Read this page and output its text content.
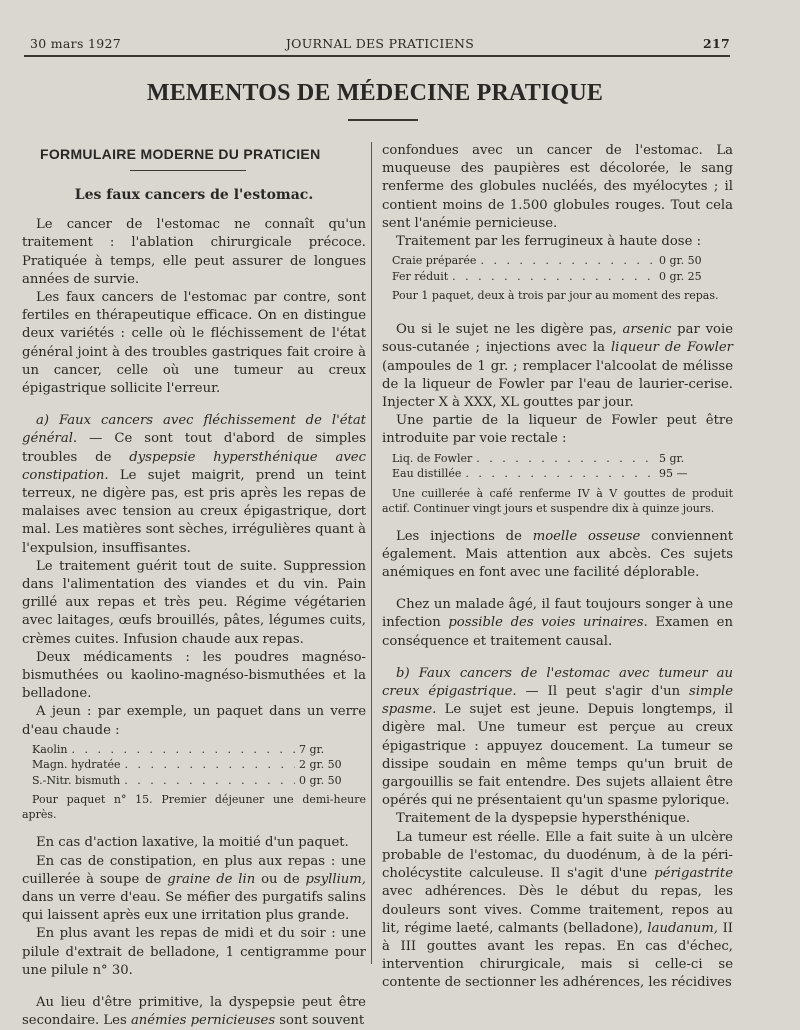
30 mars 1927	JOURNAL DES PRATICIENS	217
MEMENTOS DE MÉDECINE PRATIQUE
FORMULAIRE MODERNE DU PRATICIEN

Les faux cancers de l'estomac.

Le cancer de l'estomac ne connaît qu'un traitement : l'ablation chirurgicale précoce. Pratiquée à temps, elle peut assurer de longues années de survie.

Les faux cancers de l'estomac par contre, sont fertiles en thérapeutique efficace. On en distingue deux variétés : celle où le fléchissement de l'état général joint à des troubles gastriques fait croire à un cancer, celle où une tumeur au creux épigastrique sollicite l'erreur.

a) Faux cancers avec fléchissement de l'état général. — Ce sont tout d'abord de simples troubles de dyspepsie hypersthénique avec constipation. Le sujet maigrit, prend un teint terreux, ne digère pas, est pris après les repas de malaises avec tension au creux épigastrique, dort mal. Les matières sont sèches, irrégulières quant à l'expulsion, insuffisantes.

Le traitement guérit tout de suite. Suppression dans l'alimentation des viandes et du vin. Pain grillé aux repas et très peu. Régime végétarien avec laitages, œufs brouillés, pâtes, légumes cuits, crèmes cuites. Infusion chaude aux repas.

Deux médicaments : les poudres magnéso-bismuthées ou kaolino-magnéso-bismuthées et la belladone.

A jeun : par exemple, un paquet dans un verre d'eau chaude :

Kaolin . . .	7 gr.
Magn. hydratée . . .	2 gr. 50
S.-Nitr. bismuth . . .	0 gr. 50

Pour paquet n° 15. Premier déjeuner une demi-heure après.

En cas d'action laxative, la moitié d'un paquet.

En cas de constipation, en plus aux repas : une cuillerée à soupe de graine de lin ou de psyllium, dans un verre d'eau. Se méfier des purgatifs salins qui laissent après eux une irritation plus grande.

En plus avant les repas de midi et du soir : une pilule d'extrait de belladone, 1 centigramme pour une pilule n° 30.

Au lieu d'être primitive, la dyspepsie peut être secondaire. Les anémies pernicieuses sont souvent

confondues avec un cancer de l'estomac. La muqueuse des paupières est décolorée, le sang renferme des globules nucléés, des myélocytes ; il contient moins de 1.500 globules rouges. Tout cela sent l'anémie pernicieuse.

Traitement par les ferrugineux à haute dose :

Craie préparée . . .	0 gr. 50
Fer réduit . . .	0 gr. 25

Pour 1 paquet, deux à trois par jour au moment des repas.

Ou si le sujet ne les digère pas, arsenic par voie sous-cutanée ; injections avec la liqueur de Fowler (ampoules de 1 gr. ; remplacer l'alcoolat de mélisse de la liqueur de Fowler par l'eau de laurier-cerise. Injecter X à XXX, XL gouttes par jour.

Une partie de la liqueur de Fowler peut être introduite par voie rectale :

Liq. de Fowler . . .	5 gr.
Eau distillée . . .	95 —

Une cuillerée à café renferme IV à V gouttes de produit actif. Continuer vingt jours et suspendre dix à quinze jours.

Les injections de moelle osseuse conviennent également. Mais attention aux abcès. Ces sujets anémiques en font avec une facilité déplorable.

Chez un malade âgé, il faut toujours songer à une infection possible des voies urinaires. Examen en conséquence et traitement causal.

b) Faux cancers de l'estomac avec tumeur au creux épigastrique. — Il peut s'agir d'un simple spasme. Le sujet est jeune. Depuis longtemps, il digère mal. Une tumeur est perçue au creux épigastrique : appuyez doucement. La tumeur se dissipe soudain en même temps qu'un bruit de gargouillis se fait entendre. Des sujets allaient être opérés qui ne présentaient qu'un spasme pylorique.

Traitement de la dyspepsie hypersthénique.

La tumeur est réelle. Elle a fait suite à un ulcère probable de l'estomac, du duodénum, à de la péri-cholécystite calculeuse. Il s'agit d'une périgastrite avec adhérences. Dès le début du repas, les douleurs sont vives. Comme traitement, repos au lit, régime laeté, calmants (belladone), laudanum, II à III gouttes avant les repas. En cas d'échec, intervention chirurgicale, mais si celle-ci se contente de sectionner les adhérences, les récidives
